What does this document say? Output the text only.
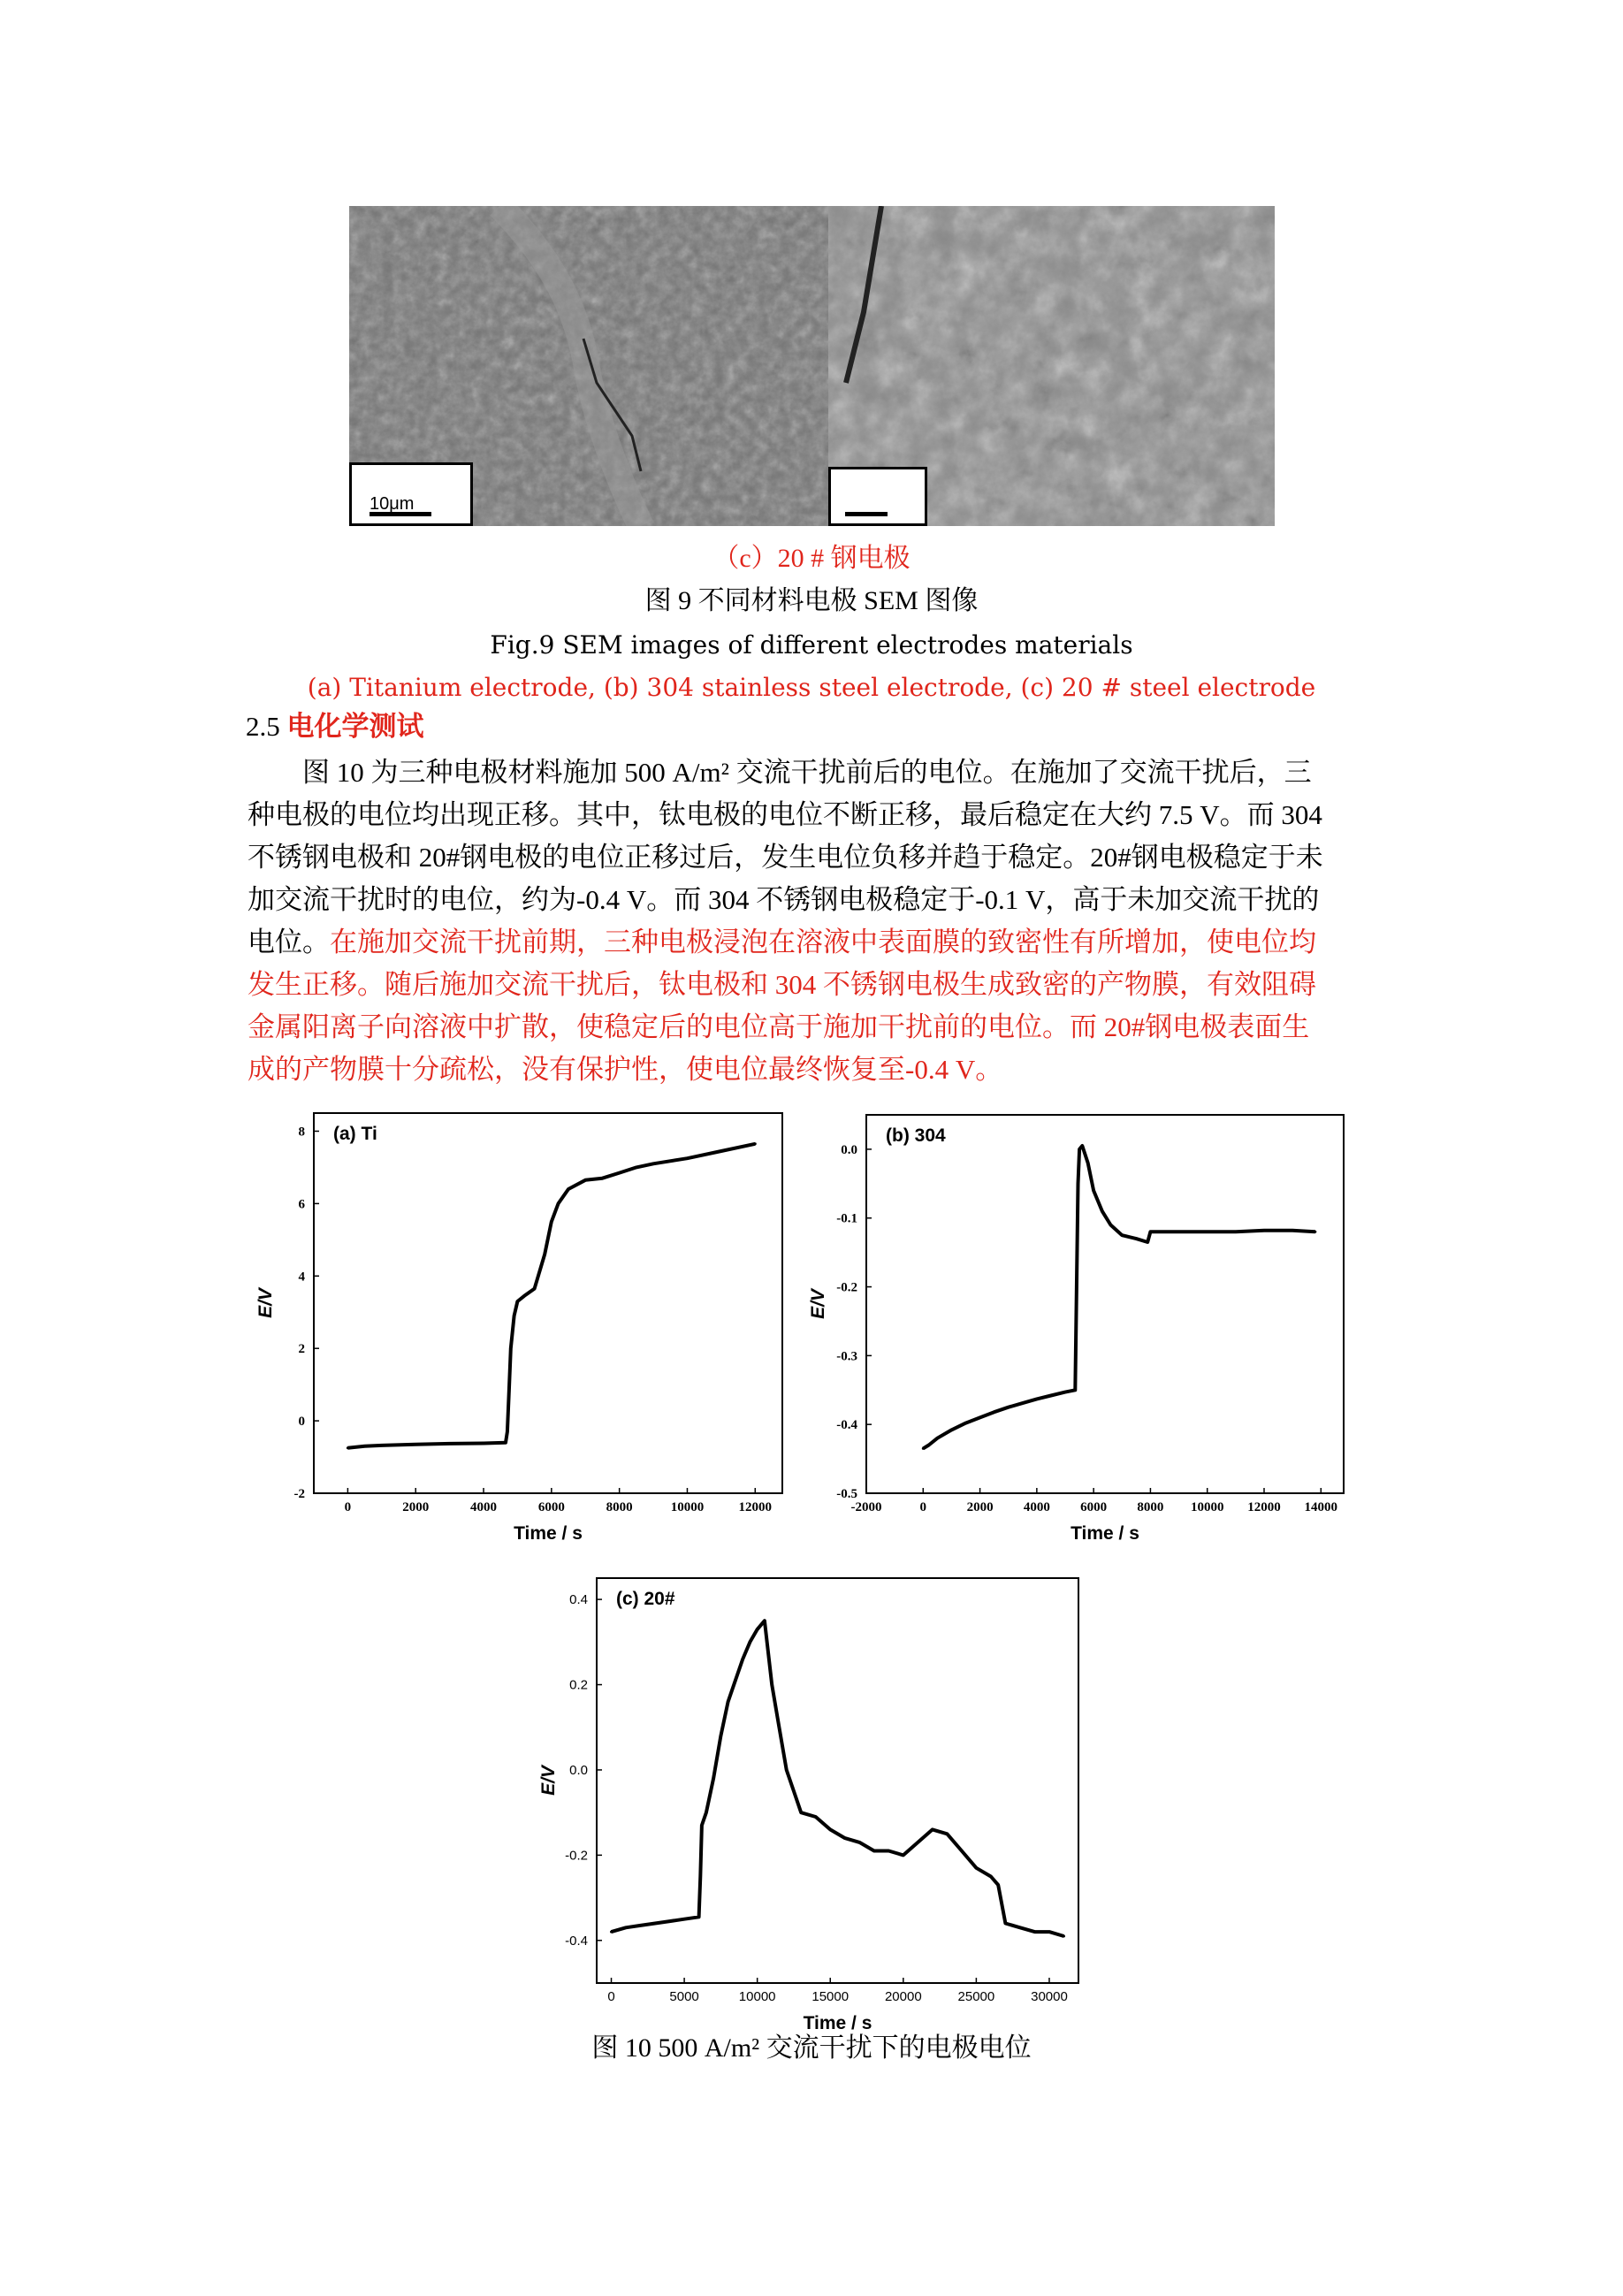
10μm
（c）20 # 钢电极
图 9 不同材料电极 SEM 图像
Fig.9 SEM images of different electrodes materials
(a) Titanium electrode, (b) 304 stainless steel electrode, (c) 20 # steel electrode
2.5 电化学测试
图 10 为三种电极材料施加 500 A/m² 交流干扰前后的电位。在施加了交流干扰后，三
种电极的电位均出现正移。其中，钛电极的电位不断正移，最后稳定在大约 7.5 V。而 304
不锈钢电极和 20#钢电极的电位正移过后，发生电位负移并趋于稳定。20#钢电极稳定于未
加交流干扰时的电位，约为-0.4 V。而 304 不锈钢电极稳定于-0.1 V，高于未加交流干扰的
电位。在施加交流干扰前期，三种电极浸泡在溶液中表面膜的致密性有所增加，使电位均
发生正移。随后施加交流干扰后，钛电极和 304 不锈钢电极生成致密的产物膜，有效阻碍
金属阳离子向溶液中扩散，使稳定后的电位高于施加干扰前的电位。而 20#钢电极表面生
成的产物膜十分疏松，没有保护性，使电位最终恢复至-0.4 V。
0	2000	4000	6000	8000	10000	12000
-2
0
2
4
6
8 (a) Ti
Time / s
E/V
-2000	0	2000 4000 6000 8000 10000 12000 14000
-0.5
-0.4
-0.3
-0.2
-0.1
0.0
(b) 304
Time / s
E/V
0	5000	10000	15000	20000	25000	30000
-0.4
-0.2
0.0
0.2
0.4 (c) 20#
Time / s
E/V
图 10 500 A/m² 交流干扰下的电极电位
